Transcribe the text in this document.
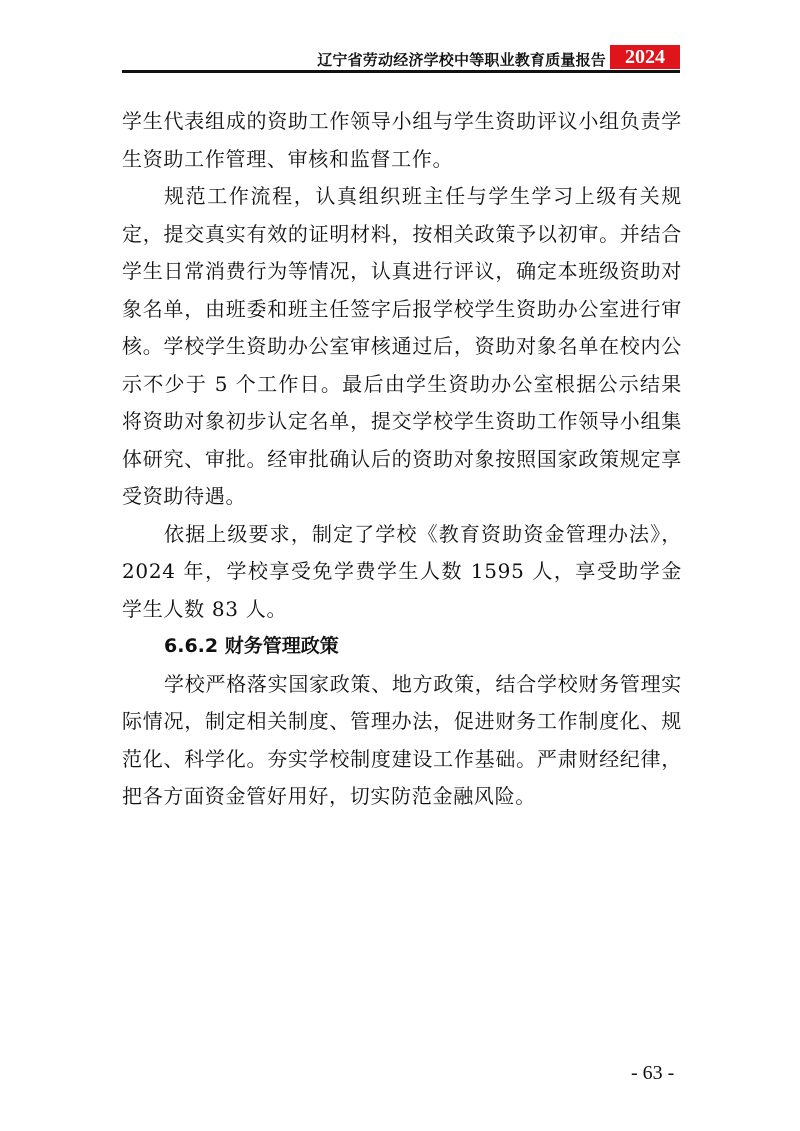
辽宁省劳动经济学校中等职业教育质量报告 2024

学生代表组成的资助工作领导小组与学生资助评议小组负责学生资助工作管理、审核和监督工作。

规范工作流程，认真组织班主任与学生学习上级有关规定，提交真实有效的证明材料，按相关政策予以初审。并结合学生日常消费行为等情况，认真进行评议，确定本班级资助对象名单，由班委和班主任签字后报学校学生资助办公室进行审核。学校学生资助办公室审核通过后，资助对象名单在校内公示不少于 5 个工作日。最后由学生资助办公室根据公示结果将资助对象初步认定名单，提交学校学生资助工作领导小组集体研究、审批。经审批确认后的资助对象按照国家政策规定享受资助待遇。

依据上级要求，制定了学校《教育资助资金管理办法》，2024 年，学校享受免学费学生人数 1595 人，享受助学金学生人数 83 人。

6.6.2 财务管理政策

学校严格落实国家政策、地方政策，结合学校财务管理实际情况，制定相关制度、管理办法，促进财务工作制度化、规范化、科学化。夯实学校制度建设工作基础。严肃财经纪律，把各方面资金管好用好，切实防范金融风险。

- 63 -
